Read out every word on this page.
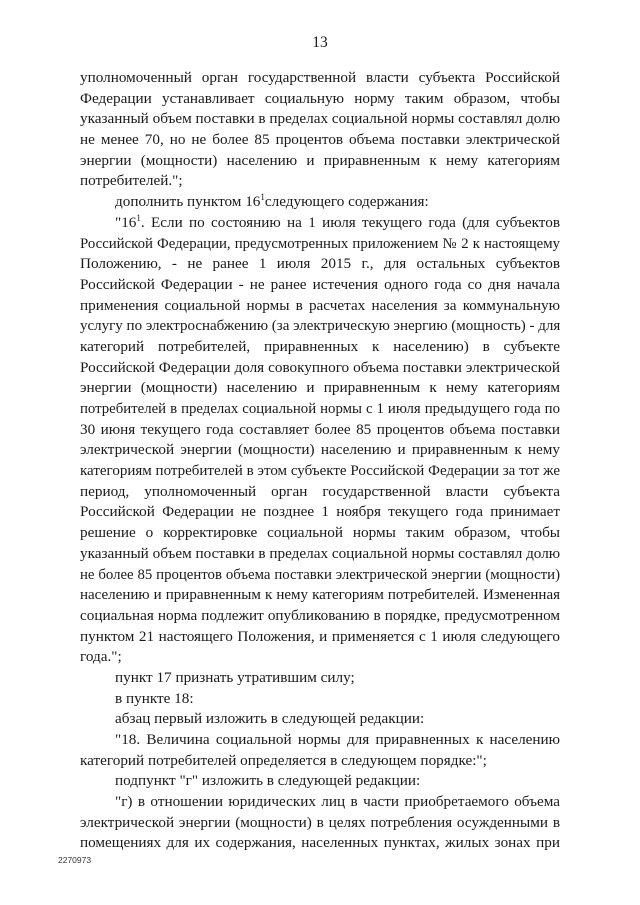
13
уполномоченный орган государственной власти субъекта Российской
Федерации устанавливает социальную норму таким образом, чтобы
указанный объем поставки в пределах социальной нормы составлял долю
не менее 70, но не более 85 процентов объема поставки электрической
энергии (мощности) населению и приравненным к нему категориям
потребителей.";
дополнить пунктом $16^1следующего$ содержания:
"$16^1$. Если по состоянию на 1 июля текущего года (для субъектов
Российской Федерации, предусмотренных приложением № 2 к настоящему
Положению, - не ранее 1 июля 2015 г., для остальных субъектов
Российской Федерации - не ранее истечения одного года со дня начала
применения социальной нормы в расчетах населения за коммунальную
услугу по электроснабжению (за электрическую энергию (мощность) - для
категорий потребителей, приравненных к населению) в субъекте
Российской Федерации доля совокупного объема поставки электрической
энергии (мощности) населению и приравненным к нему категориям
потребителей в пределах социальной нормы с 1 июля предыдущего года по
30 июня текущего года составляет более 85 процентов объема поставки
электрической энергии (мощности) населению и приравненным к нему
категориям потребителей в этом субъекте Российской Федерации за тот же
период, уполномоченный орган государственной власти субъекта
Российской Федерации не позднее 1 ноября текущего года принимает
решение о корректировке социальной нормы таким образом, чтобы
указанный объем поставки в пределах социальной нормы составлял долю
не более 85 процентов объема поставки электрической энергии (мощности)
населению и приравненным к нему категориям потребителей. Измененная
социальная норма подлежит опубликованию в порядке, предусмотренном
пунктом 21 настоящего Положения, и применяется с 1 июля следующего
года.";
пункт 17 признать утратившим силу;
в пункте 18:
абзац первый изложить в следующей редакции:
"18. Величина социальной нормы для приравненных к населению
категорий потребителей определяется в следующем порядке:";
подпункт "г" изложить в следующей редакции:
"г) в отношении юридических лиц в части приобретаемого объема
электрической энергии (мощности) в целях потребления осужденными в
помещениях для их содержания, населенных пунктах, жилых зонах при
2270973
